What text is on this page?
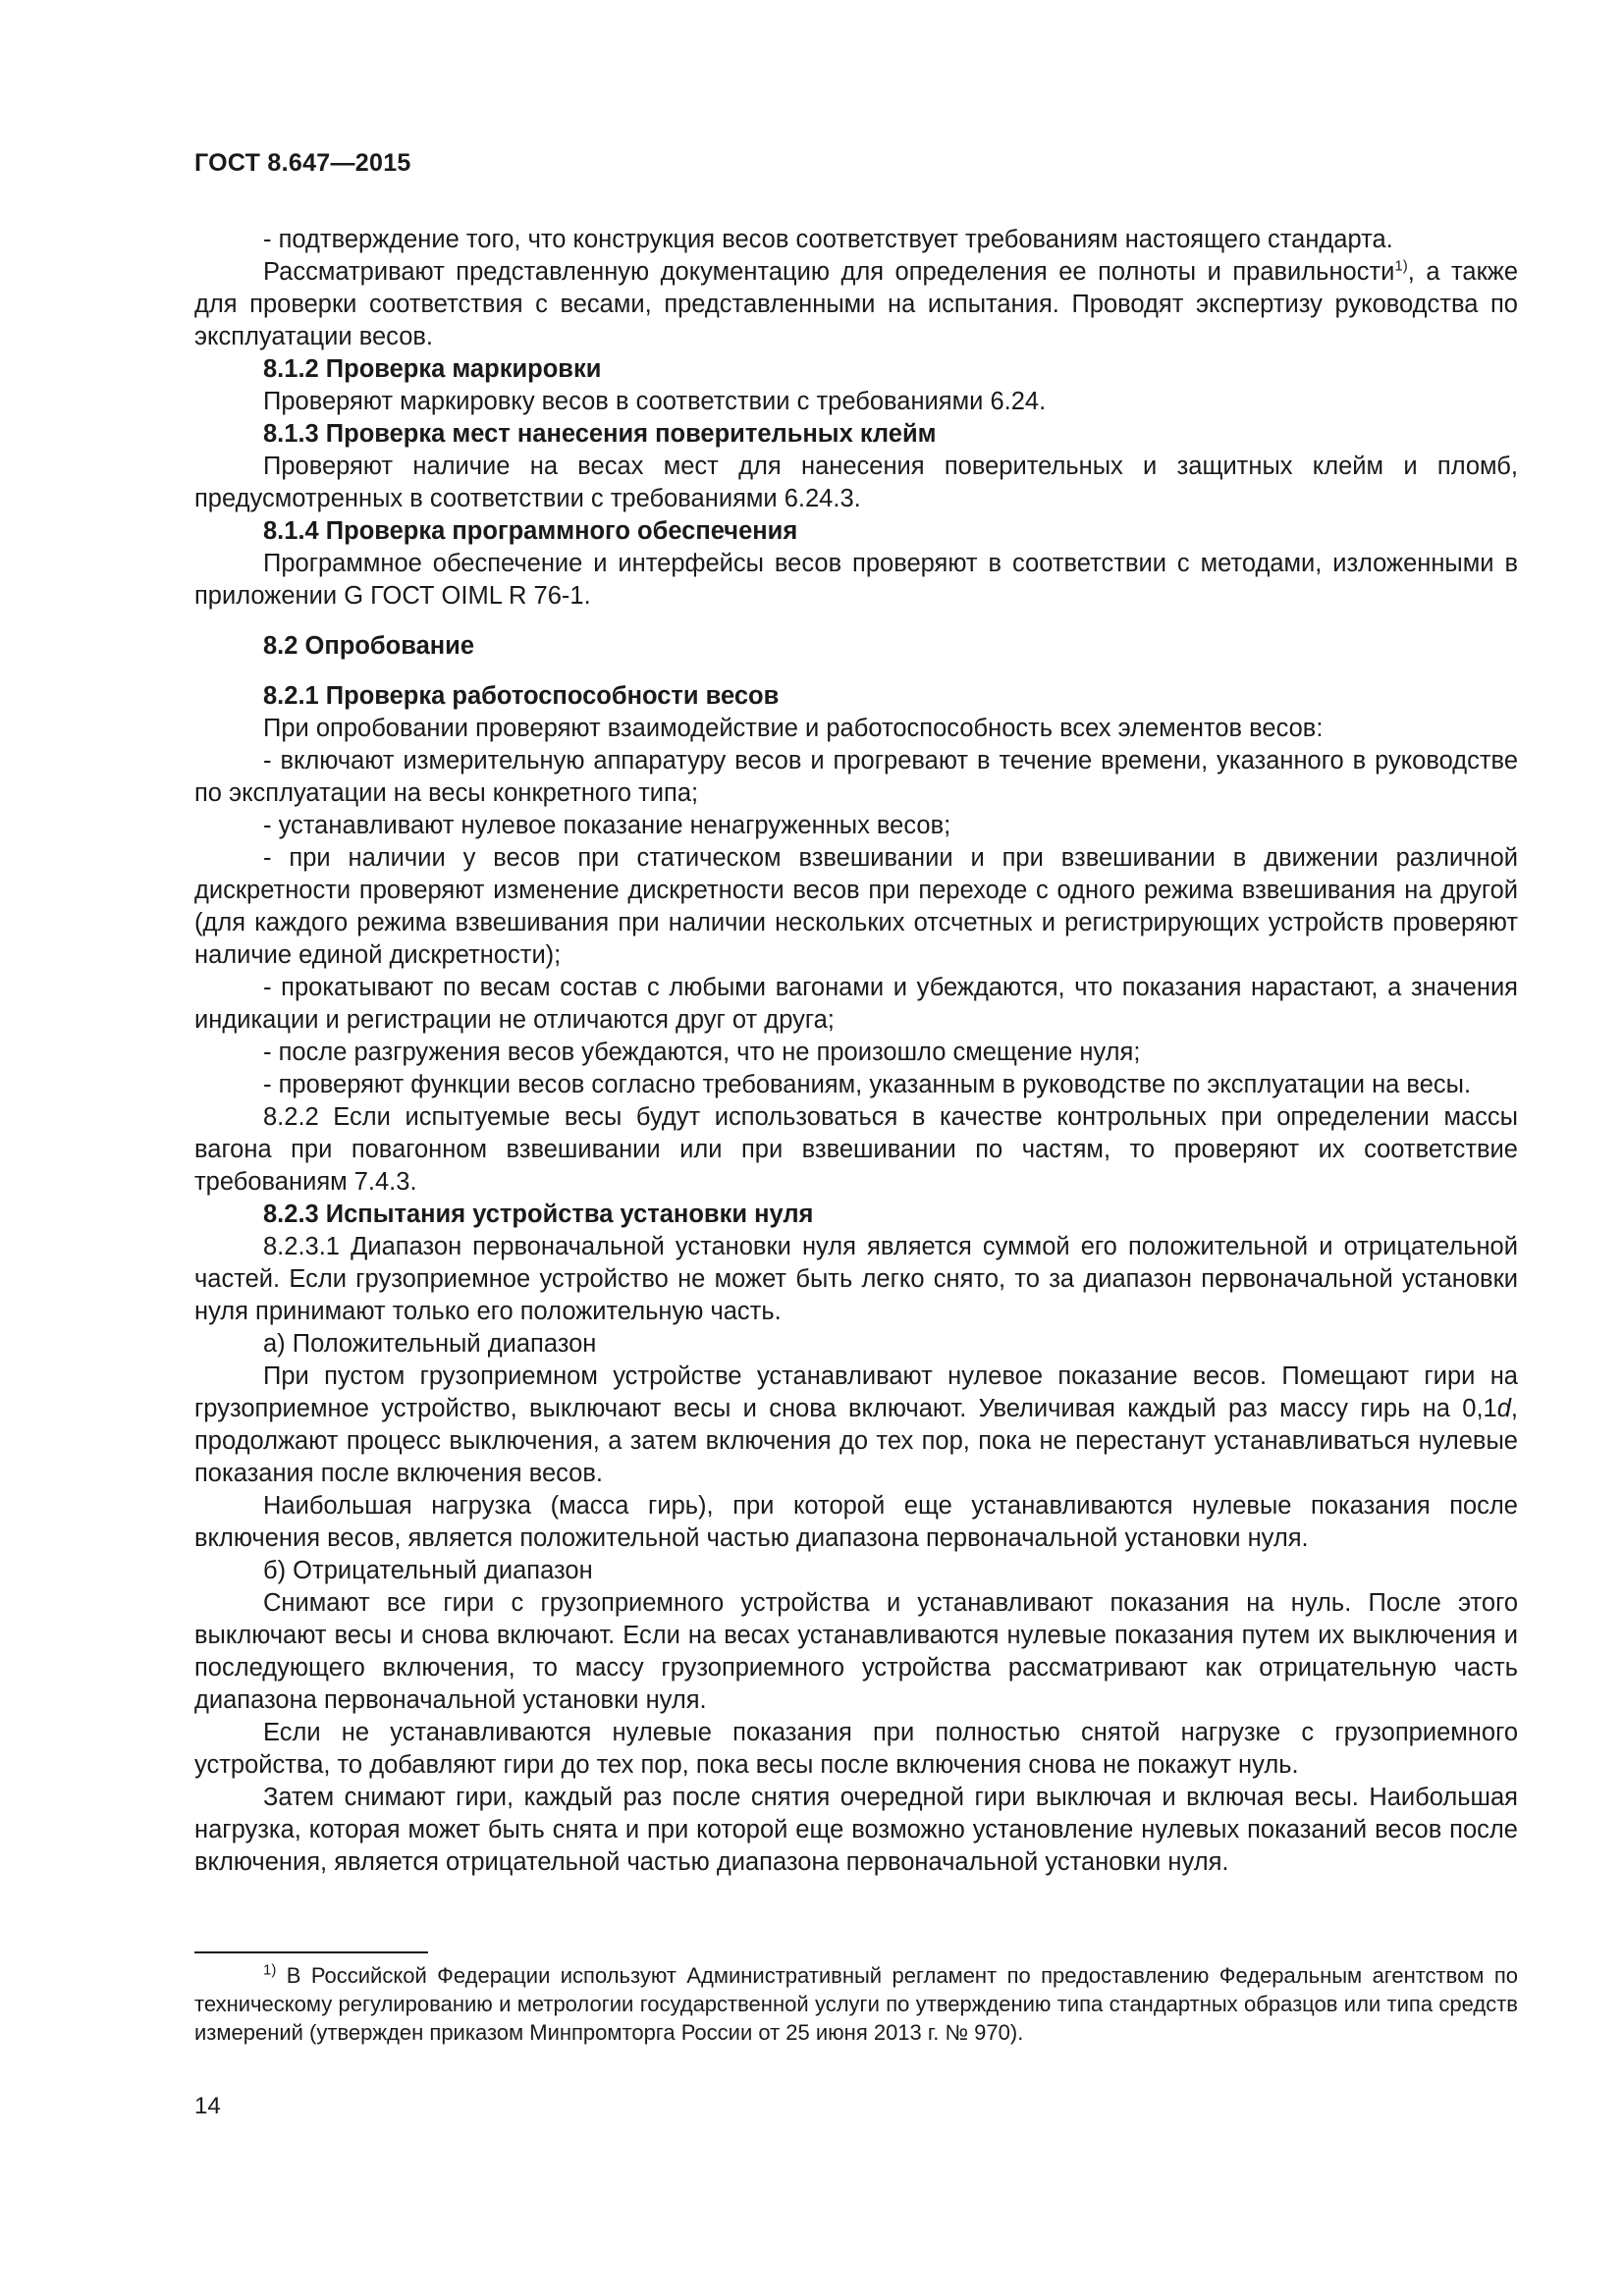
ГОСТ 8.647—2015

- подтверждение того, что конструкция весов соответствует требованиям настоящего стандарта.

Рассматривают представленную документацию для определения ее полноты и правильности$^{1)}$, а также для проверки соответствия с весами, представленными на испытания. Проводят экспертизу руководства по эксплуатации весов.

8.1.2 Проверка маркировки

Проверяют маркировку весов в соответствии с требованиями 6.24.

8.1.3 Проверка мест нанесения поверительных клейм

Проверяют наличие на весах мест для нанесения поверительных и защитных клейм и пломб, предусмотренных в соответствии с требованиями 6.24.3.

8.1.4 Проверка программного обеспечения

Программное обеспечение и интерфейсы весов проверяют в соответствии с методами, изложенными в приложении G ГОСТ OIML R 76-1.

8.2 Опробование

8.2.1 Проверка работоспособности весов

При опробовании проверяют взаимодействие и работоспособность всех элементов весов:

- включают измерительную аппаратуру весов и прогревают в течение времени, указанного в руководстве по эксплуатации на весы конкретного типа;

- устанавливают нулевое показание ненагруженных весов;

- при наличии у весов при статическом взвешивании и при взвешивании в движении различной дискретности проверяют изменение дискретности весов при переходе с одного режима взвешивания на другой (для каждого режима взвешивания при наличии нескольких отсчетных и регистрирующих устройств проверяют наличие единой дискретности);

- прокатывают по весам состав с любыми вагонами и убеждаются, что показания нарастают, а значения индикации и регистрации не отличаются друг от друга;

- после разгружения весов убеждаются, что не произошло смещение нуля;

- проверяют функции весов согласно требованиям, указанным в руководстве по эксплуатации на весы.

8.2.2 Если испытуемые весы будут использоваться в качестве контрольных при определении массы вагона при повагонном взвешивании или при взвешивании по частям, то проверяют их соответствие требованиям 7.4.3.

8.2.3 Испытания устройства установки нуля

8.2.3.1 Диапазон первоначальной установки нуля является суммой его положительной и отрицательной частей. Если грузоприемное устройство не может быть легко снято, то за диапазон первоначальной установки нуля принимают только его положительную часть.

а) Положительный диапазон

При пустом грузоприемном устройстве устанавливают нулевое показание весов. Помещают гири на грузоприемное устройство, выключают весы и снова включают. Увеличивая каждый раз массу гирь на 0,1d, продолжают процесс выключения, а затем включения до тех пор, пока не перестанут устанавливаться нулевые показания после включения весов.

Наибольшая нагрузка (масса гирь), при которой еще устанавливаются нулевые показания после включения весов, является положительной частью диапазона первоначальной установки нуля.

б) Отрицательный диапазон

Снимают все гири с грузоприемного устройства и устанавливают показания на нуль. После этого выключают весы и снова включают. Если на весах устанавливаются нулевые показания путем их выключения и последующего включения, то массу грузоприемного устройства рассматривают как отрицательную часть диапазона первоначальной установки нуля.

Если не устанавливаются нулевые показания при полностью снятой нагрузке с грузоприемного устройства, то добавляют гири до тех пор, пока весы после включения снова не покажут нуль.

Затем снимают гири, каждый раз после снятия очередной гири выключая и включая весы. Наибольшая нагрузка, которая может быть снята и при которой еще возможно установление нулевых показаний весов после включения, является отрицательной частью диапазона первоначальной установки нуля.

$^{1)}$ В Российской Федерации используют Административный регламент по предоставлению Федеральным агентством по техническому регулированию и метрологии государственной услуги по утверждению типа стандартных образцов или типа средств измерений (утвержден приказом Минпромторга России от 25 июня 2013 г. № 970).
14
